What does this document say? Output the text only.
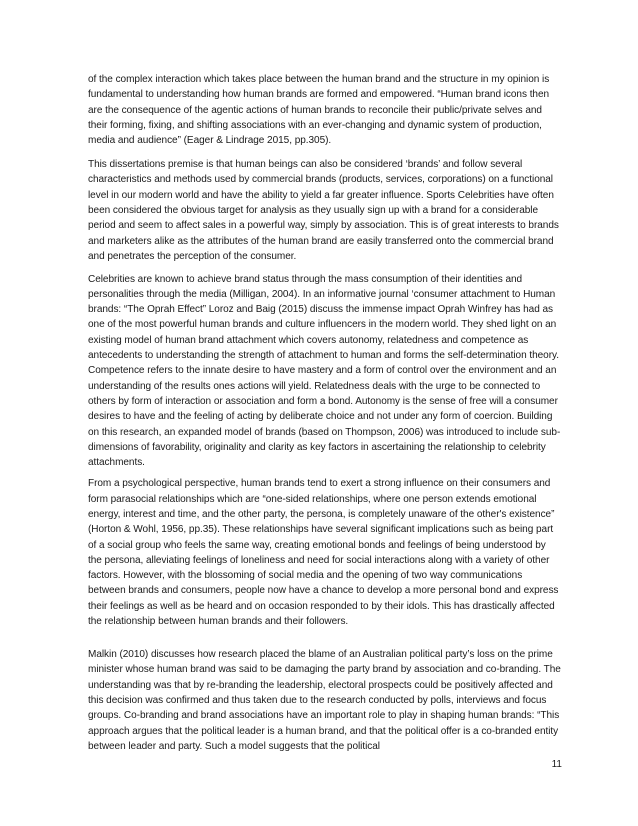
of the complex interaction which takes place between the human brand and the structure in my opinion is fundamental to understanding how human brands are formed and empowered. “Human brand icons then are the consequence of the agentic actions of human brands to reconcile their public/private selves and their forming, fixing, and shifting associations with an ever-changing and dynamic system of production, media and audience” (Eager & Lindrage 2015, pp.305).

This dissertations premise is that human beings can also be considered ‘brands’ and follow several characteristics and methods used by commercial brands (products, services, corporations) on a functional level in our modern world and have the ability to yield a far greater influence. Sports Celebrities have often been considered the obvious target for analysis as they usually sign up with a brand for a considerable period and seem to affect sales in a powerful way, simply by association. This is of great interests to brands and marketers alike as the attributes of the human brand are easily transferred onto the commercial brand and penetrates the perception of the consumer.

Celebrities are known to achieve brand status through the mass consumption of their identities and personalities through the media (Milligan, 2004). In an informative journal ‘consumer attachment to Human brands: “The Oprah Effect” Loroz and Baig (2015) discuss the immense impact Oprah Winfrey has had as one of the most powerful human brands and culture influencers in the modern world. They shed light on an existing model of human brand attachment which covers autonomy, relatedness and competence as antecedents to understanding the strength of attachment to human and forms the self-determination theory. Competence refers to the innate desire to have mastery and a form of control over the environment and an understanding of the results ones actions will yield. Relatedness deals with the urge to be connected to others by form of interaction or association and form a bond. Autonomy is the sense of free will a consumer desires to have and the feeling of acting by deliberate choice and not under any form of coercion. Building on this research, an expanded model of brands (based on Thompson, 2006) was introduced to include sub-dimensions of favorability, originality and clarity as key factors in ascertaining the relationship to celebrity attachments.

From a psychological perspective, human brands tend to exert a strong influence on their consumers and form parasocial relationships which are “one-sided relationships, where one person extends emotional energy, interest and time, and the other party, the persona, is completely unaware of the other's existence” (Horton & Wohl, 1956, pp.35). These relationships have several significant implications such as being part of a social group who feels the same way, creating emotional bonds and feelings of being understood by the persona, alleviating feelings of loneliness and need for social interactions along with a variety of other factors. However, with the blossoming of social media and the opening of two way communications between brands and consumers, people now have a chance to develop a more personal bond and express their feelings as well as be heard and on occasion responded to by their idols. This has drastically affected the relationship between human brands and their followers.

Malkin (2010) discusses how research placed the blame of an Australian political party’s loss on the prime minister whose human brand was said to be damaging the party brand by association and co-branding. The understanding was that by re-branding the leadership, electoral prospects could be positively affected and this decision was confirmed and thus taken due to the research conducted by polls, interviews and focus groups. Co-branding and brand associations have an important role to play in shaping human brands: “This approach argues that the political leader is a human brand, and that the political offer is a co-branded entity between leader and party. Such a model suggests that the political

11
